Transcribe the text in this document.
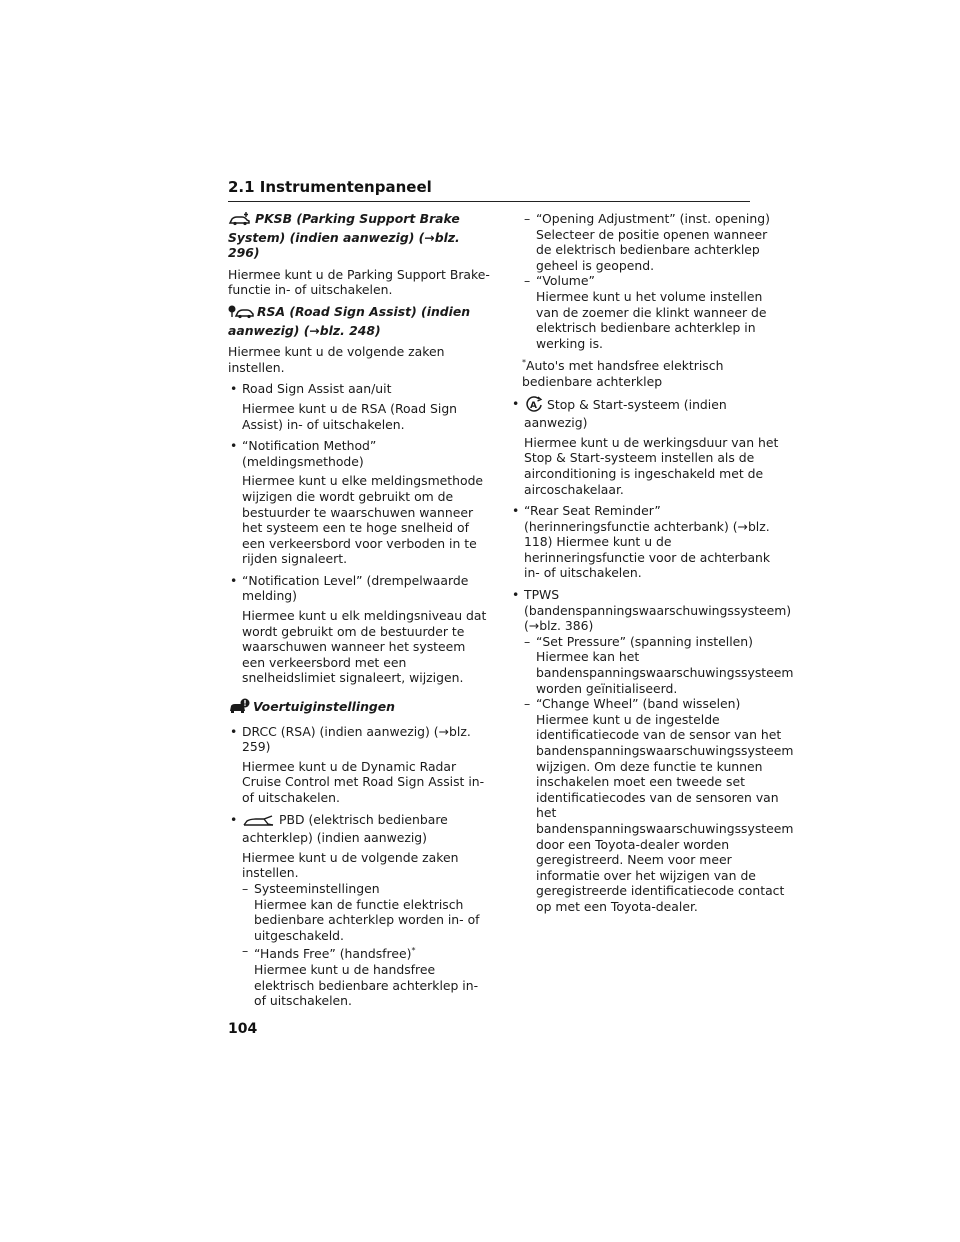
2.1 Instrumentenpaneel
PKSB (Parking Support Brake System) (indien aanwezig) (→blz. 296)

Hiermee kunt u de Parking Support Brake-functie in- of uitschakelen.

RSA (Road Sign Assist) (indien aanwezig) (→blz. 248)

Hiermee kunt u de volgende zaken instellen.

• Road Sign Assist aan/uit

Hiermee kunt u de RSA (Road Sign Assist) in- of uitschakelen.

• “Notification Method” (meldingsmethode)

Hiermee kunt u elke meldingsmethode wijzigen die wordt gebruikt om de bestuurder te waarschuwen wanneer het systeem een te hoge snelheid of een verkeersbord voor verboden in te rijden signaleert.

• “Notification Level” (drempelwaarde melding)

Hiermee kunt u elk meldingsniveau dat wordt gebruikt om de bestuurder te waarschuwen wanneer het systeem een verkeersbord met een snelheidslimiet signaleert, wijzigen.

Voertuiginstellingen
• DRCC (RSA) (indien aanwezig) (→blz. 259)

Hiermee kunt u de Dynamic Radar Cruise Control met Road Sign Assist in- of uitschakelen.

• PBD (elektrisch bedienbare achterklep) (indien aanwezig)

Hiermee kunt u de volgende zaken instellen.

– Systeeminstellingen
Hiermee kan de functie elektrisch bedienbare achterklep worden in- of uitgeschakeld.
– “Hands Free” (handsfree)*
Hiermee kunt u de handsfree elektrisch bedienbare achterklep in- of uitschakelen.
– “Opening Adjustment” (inst. opening)
Selecteer de positie openen wanneer de elektrisch bedienbare achterklep geheel is geopend.
– “Volume”
Hiermee kunt u het volume instellen van de zoemer die klinkt wanneer de elektrisch bedienbare achterklep in werking is.

*Auto's met handsfree elektrisch bedienbare achterklep

• A Stop & Start-systeem (indien aanwezig)

Hiermee kunt u de werkingsduur van het Stop & Start-systeem instellen als de airconditioning is ingeschakeld met de aircoschakelaar.

• “Rear Seat Reminder” (herinneringsfunctie achterbank) (→blz. 118) Hiermee kunt u de herinneringsfunctie voor de achterbank in- of uitschakelen.
• TPWS (bandenspanningswaarschuwingssysteem) (→blz. 386)
– “Set Pressure” (spanning instellen)
Hiermee kan het bandenspanningswaarschuwingssysteem worden geïnitialiseerd.
– “Change Wheel” (band wisselen)
Hiermee kunt u de ingestelde identificatiecode van de sensor van het bandenspanningswaarschuwingssysteem wijzigen. Om deze functie te kunnen inschakelen moet een tweede set identificatiecodes van de sensoren van het bandenspanningswaarschuwingssysteem door een Toyota-dealer worden geregistreerd. Neem voor meer informatie over het wijzigen van de geregistreerde identificatiecode contact op met een Toyota-dealer.
104
